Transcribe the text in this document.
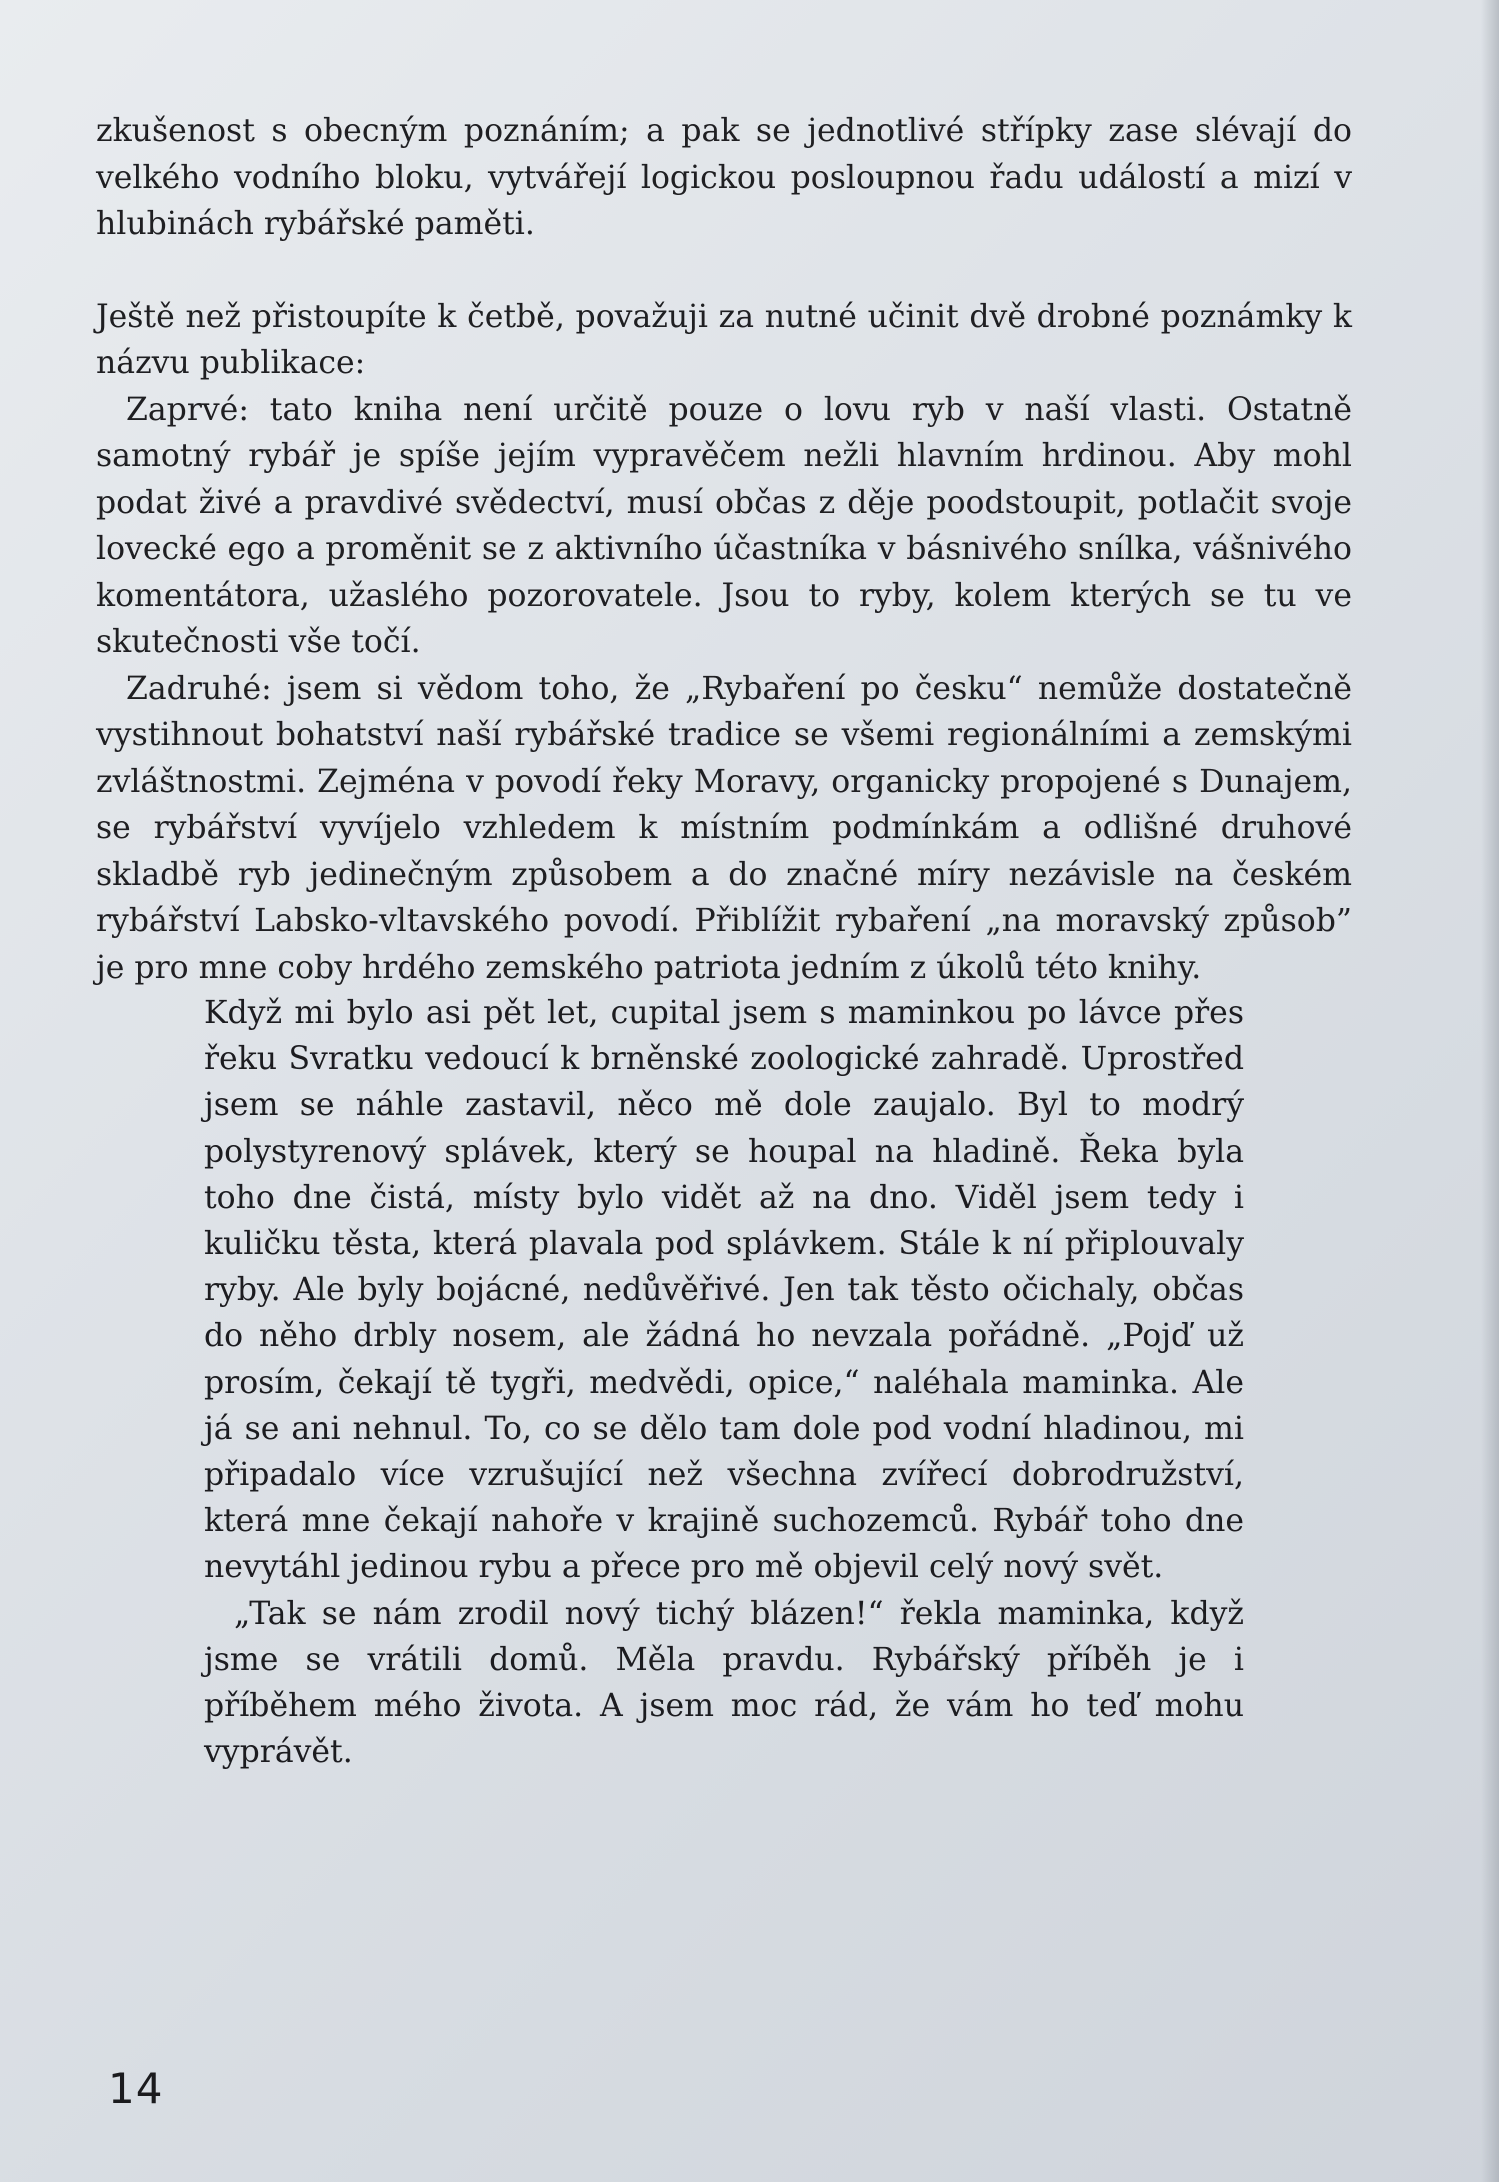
zkušenost s obecným poznáním; a pak se jednotlivé střípky zase slévají do velkého vodního bloku, vytvářejí logickou posloupnou řadu událostí a mizí v hlubinách rybářské paměti.

Ještě než přistoupíte k četbě, považuji za nutné učinit dvě drobné poznámky k názvu publikace:

Zaprvé: tato kniha není určitě pouze o lovu ryb v naší vlasti. Ostatně samotný rybář je spíše jejím vypravěčem nežli hlavním hrdinou. Aby mohl podat živé a pravdivé svědectví, musí občas z děje poodstoupit, potlačit svoje lovecké ego a proměnit se z aktivního účastníka v básnivého snílka, vášnivého komentátora, užaslého pozorovatele. Jsou to ryby, kolem kterých se tu ve skutečnosti vše točí.

Zadruhé: jsem si vědom toho, že „Rybaření po česku“ nemůže dostatečně vystihnout bohatství naší rybářské tradice se všemi regionálními a zemskými zvláštnostmi. Zejména v povodí řeky Moravy, organicky propojené s Dunajem, se rybářství vyvíjelo vzhledem k místním podmínkám a odlišné druhové skladbě ryb jedinečným způsobem a do značné míry nezávisle na českém rybářství Labsko-vltavského povodí. Přiblížit rybaření „na moravský způsob” je pro mne coby hrdého zemského patriota jedním z úkolů této knihy.

Když mi bylo asi pět let, cupital jsem s maminkou po lávce přes řeku Svratku vedoucí k brněnské zoologické zahradě. Uprostřed jsem se náhle zastavil, něco mě dole zaujalo. Byl to modrý polystyrenový splávek, který se houpal na hladině. Řeka byla toho dne čistá, místy bylo vidět až na dno. Viděl jsem tedy i kuličku těsta, která plavala pod splávkem. Stále k ní připlouvaly ryby. Ale byly bojácné, nedůvěřivé. Jen tak těsto očichaly, občas do něho drbly nosem, ale žádná ho nevzala pořádně. „Pojď už prosím, čekají tě tygři, medvědi, opice,“ naléhala maminka. Ale já se ani nehnul. To, co se dělo tam dole pod vodní hladinou, mi připadalo více vzrušující než všechna zvířecí dobrodružství, která mne čekají nahoře v krajině suchozemců. Rybář toho dne nevytáhl jedinou rybu a přece pro mě objevil celý nový svět.

„Tak se nám zrodil nový tichý blázen!“ řekla maminka, když jsme se vrátili domů. Měla pravdu. Rybářský příběh je i příběhem mého života. A jsem moc rád, že vám ho teď mohu vyprávět.

14
